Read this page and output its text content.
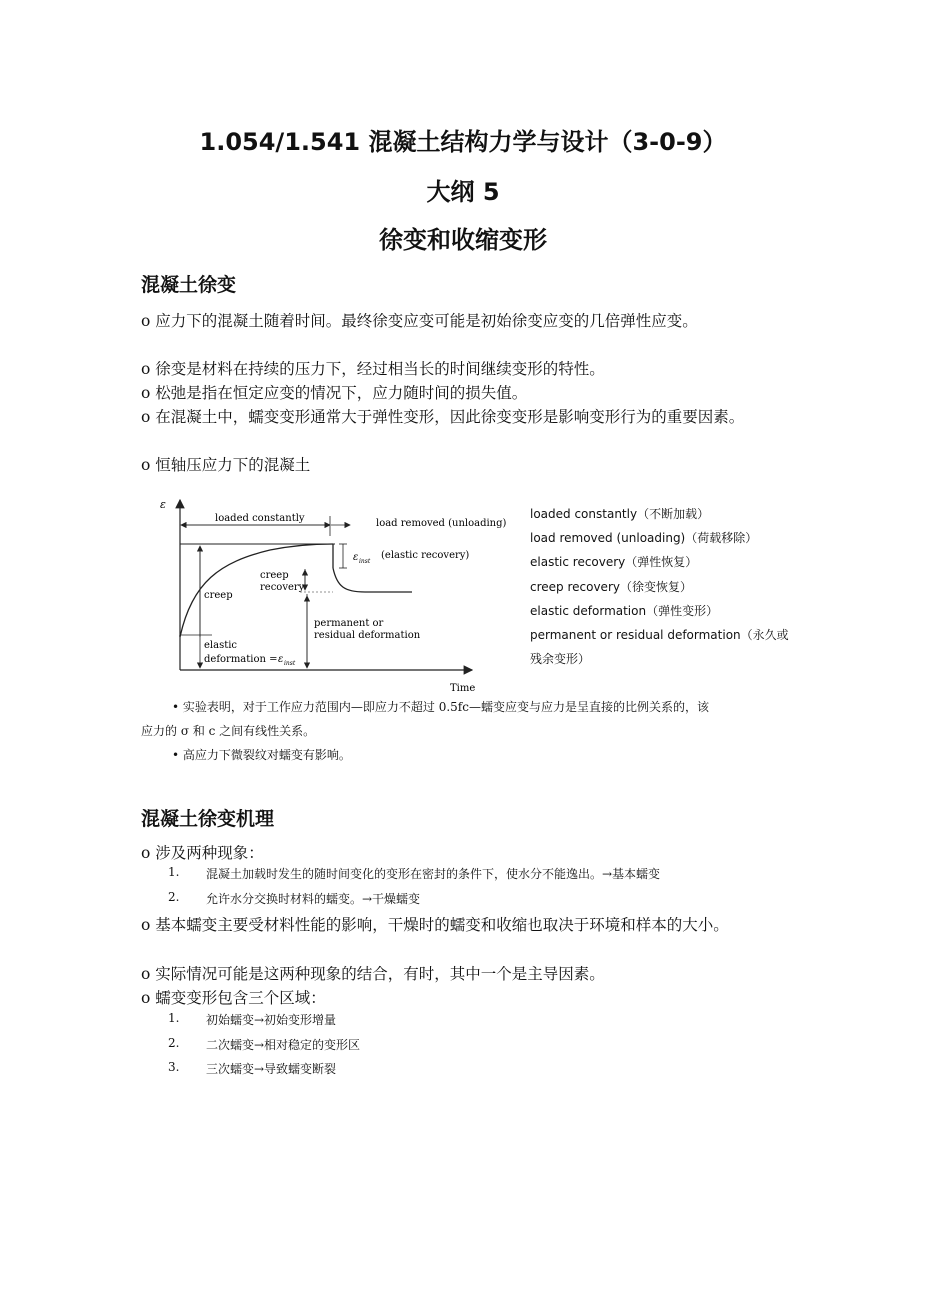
1.054/1.541 混凝土结构力学与设计（3-0-9）
大纲 5
徐变和收缩变形
混凝土徐变
o 应力下的混凝土随着时间。最终徐变应变可能是初始徐变应变的几倍弹性应变。
o 徐变是材料在持续的压力下，经过相当长的时间继续变形的特性。
o 松弛是指在恒定应变的情况下，应力随时间的损失值。
o 在混凝土中，蠕变变形通常大于弹性变形，因此徐变变形是影响变形行为的重要因素。
o 恒轴压应力下的混凝土
ε
Time
loaded constantly	load removed (unloading)
ε inst
(elastic recovery)
creep
elastic
deformation = ε inst
creep
recovery
permanent or
residual deformation
loaded constantly（不断加载）
load removed (unloading)（荷载移除）
elastic recovery（弹性恢复）
creep recovery（徐变恢复）
elastic deformation（弹性变形）
permanent or residual deformation（永久或残余变形）
• 实验表明，对于工作应力范围内—即应力不超过 0.5fc—蠕变应变与应力是呈直接的比例关系的，该
应力的 σ 和 c 之间有线性关系。
• 高应力下微裂纹对蠕变有影响。
混凝土徐变机理
o 涉及两种现象：
1.	混凝土加载时发生的随时间变化的变形在密封的条件下，使水分不能逸出。→基本蠕变
2.	允许水分交换时材料的蠕变。→干燥蠕变
o 基本蠕变主要受材料性能的影响，干燥时的蠕变和收缩也取决于环境和样本的大小。
o 实际情况可能是这两种现象的结合，有时，其中一个是主导因素。
o 蠕变变形包含三个区域：
1.	初始蠕变→初始变形增量
2.	二次蠕变→相对稳定的变形区
3.	三次蠕变→导致蠕变断裂
